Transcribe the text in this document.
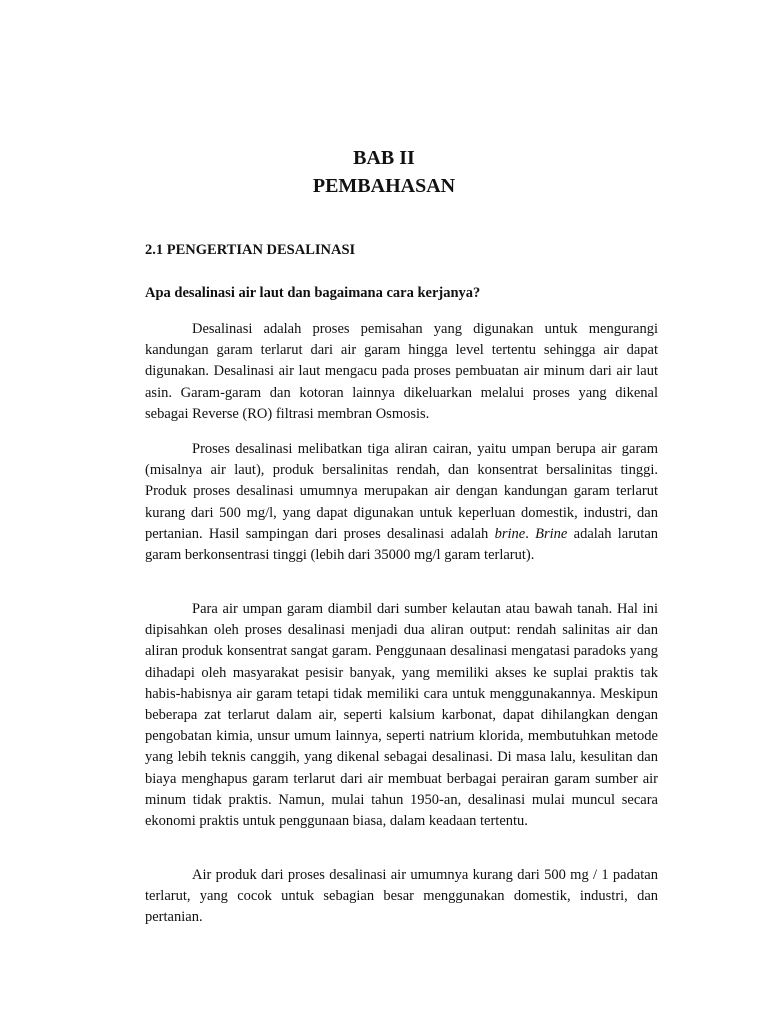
BAB II
PEMBAHASAN
2.1 PENGERTIAN DESALINASI
Apa desalinasi air laut dan bagaimana cara kerjanya?

Desalinasi adalah proses pemisahan yang digunakan untuk mengurangi kandungan garam terlarut dari air garam hingga level tertentu sehingga air dapat digunakan. Desalinasi air laut mengacu pada proses pembuatan air minum dari air laut asin. Garam-garam dan kotoran lainnya dikeluarkan melalui proses yang dikenal sebagai Reverse (RO) filtrasi membran Osmosis.

Proses desalinasi melibatkan tiga aliran cairan, yaitu umpan berupa air garam (misalnya air laut), produk bersalinitas rendah, dan konsentrat bersalinitas tinggi. Produk proses desalinasi umumnya merupakan air dengan kandungan garam terlarut kurang dari 500 mg/l, yang dapat digunakan untuk keperluan domestik, industri, dan pertanian. Hasil sampingan dari proses desalinasi adalah brine. Brine adalah larutan garam berkonsentrasi tinggi (lebih dari 35000 mg/l garam terlarut).

Para air umpan garam diambil dari sumber kelautan atau bawah tanah. Hal ini dipisahkan oleh proses desalinasi menjadi dua aliran output: rendah salinitas air dan aliran produk konsentrat sangat garam. Penggunaan desalinasi mengatasi paradoks yang dihadapi oleh masyarakat pesisir banyak, yang memiliki akses ke suplai praktis tak habis-habisnya air garam tetapi tidak memiliki cara untuk menggunakannya. Meskipun beberapa zat terlarut dalam air, seperti kalsium karbonat, dapat dihilangkan dengan pengobatan kimia, unsur umum lainnya, seperti natrium klorida, membutuhkan metode yang lebih teknis canggih, yang dikenal sebagai desalinasi. Di masa lalu, kesulitan dan biaya menghapus garam terlarut dari air membuat berbagai perairan garam sumber air minum tidak praktis. Namun, mulai tahun 1950-an, desalinasi mulai muncul secara ekonomi praktis untuk penggunaan biasa, dalam keadaan tertentu.

Air produk dari proses desalinasi air umumnya kurang dari 500 mg / 1 padatan terlarut, yang cocok untuk sebagian besar menggunakan domestik, industri, dan pertanian.
